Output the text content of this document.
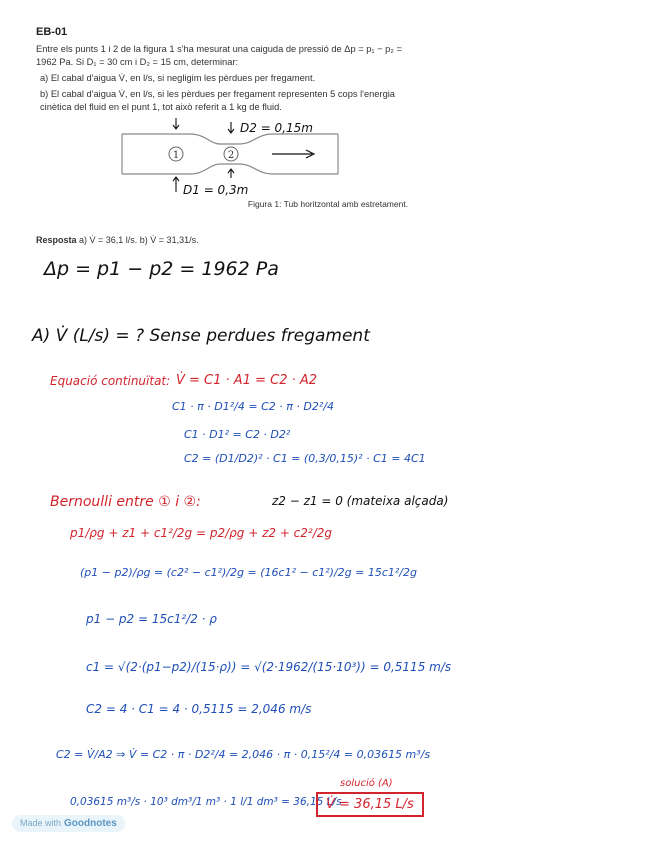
EB-01
Entre els punts 1 i 2 de la figura 1 s'ha mesurat una caiguda de pressió de Δp = p₁ − p₂ =
1962 Pa. Si D₁ = 30 cm i D₂ = 15 cm, determinar:
a) El cabal d'aigua V̇, en l/s, si negligim les pèrdues per fregament.
b) El cabal d'aigua V̇, en l/s, si les pèrdues per fregament representen 5 cops l'energia
cinètica del fluid en el punt 1, tot això referit a 1 kg de fluid.
1	2
D2 = 0,15m
D1 = 0,3m
Figura 1: Tub horitzontal amb estretament.
Resposta a) V̇ = 36,1 l/s. b) V̇ = 31,31/s.
Δp = p1 − p2 = 1962 Pa
A) V̇ (L/s) = ? Sense perdues fregament
Equació continuïtat: V̇ = C1 · A1 = C2 · A2
C1 · π · D1²/4 = C2 · π · D2²/4
C1 · D1² = C2 · D2²
C2 = (D1/D2)² · C1 = (0,3/0,15)² · C1 = 4C1
Bernoulli entre ① i ②:	z2 − z1 = 0 (mateixa alçada)
p1/ρg + z1 + c1²/2g = p2/ρg + z2 + c2²/2g
(p1 − p2)/ρg = (c2² − c1²)/2g = (16c1² − c1²)/2g = 15c1²/2g
p1 − p2 = 15c1²/2 · ρ
c1 = √(2·(p1−p2)/(15·ρ)) = √(2·1962/(15·10³)) = 0,5115 m/s
C2 = 4 · C1 = 4 · 0,5115 = 2,046 m/s
C2 = V̇/A2 ⇒ V̇ = C2 · π · D2²/4 = 2,046 · π · 0,15²/4 = 0,03615 m³/s
solució (A)
0,03615 m³/s · 10³ dm³/1 m³ · 1 l/1 dm³ = 36,15 L/s
V̇ = 36,15 L/s
Made with Goodnotes
